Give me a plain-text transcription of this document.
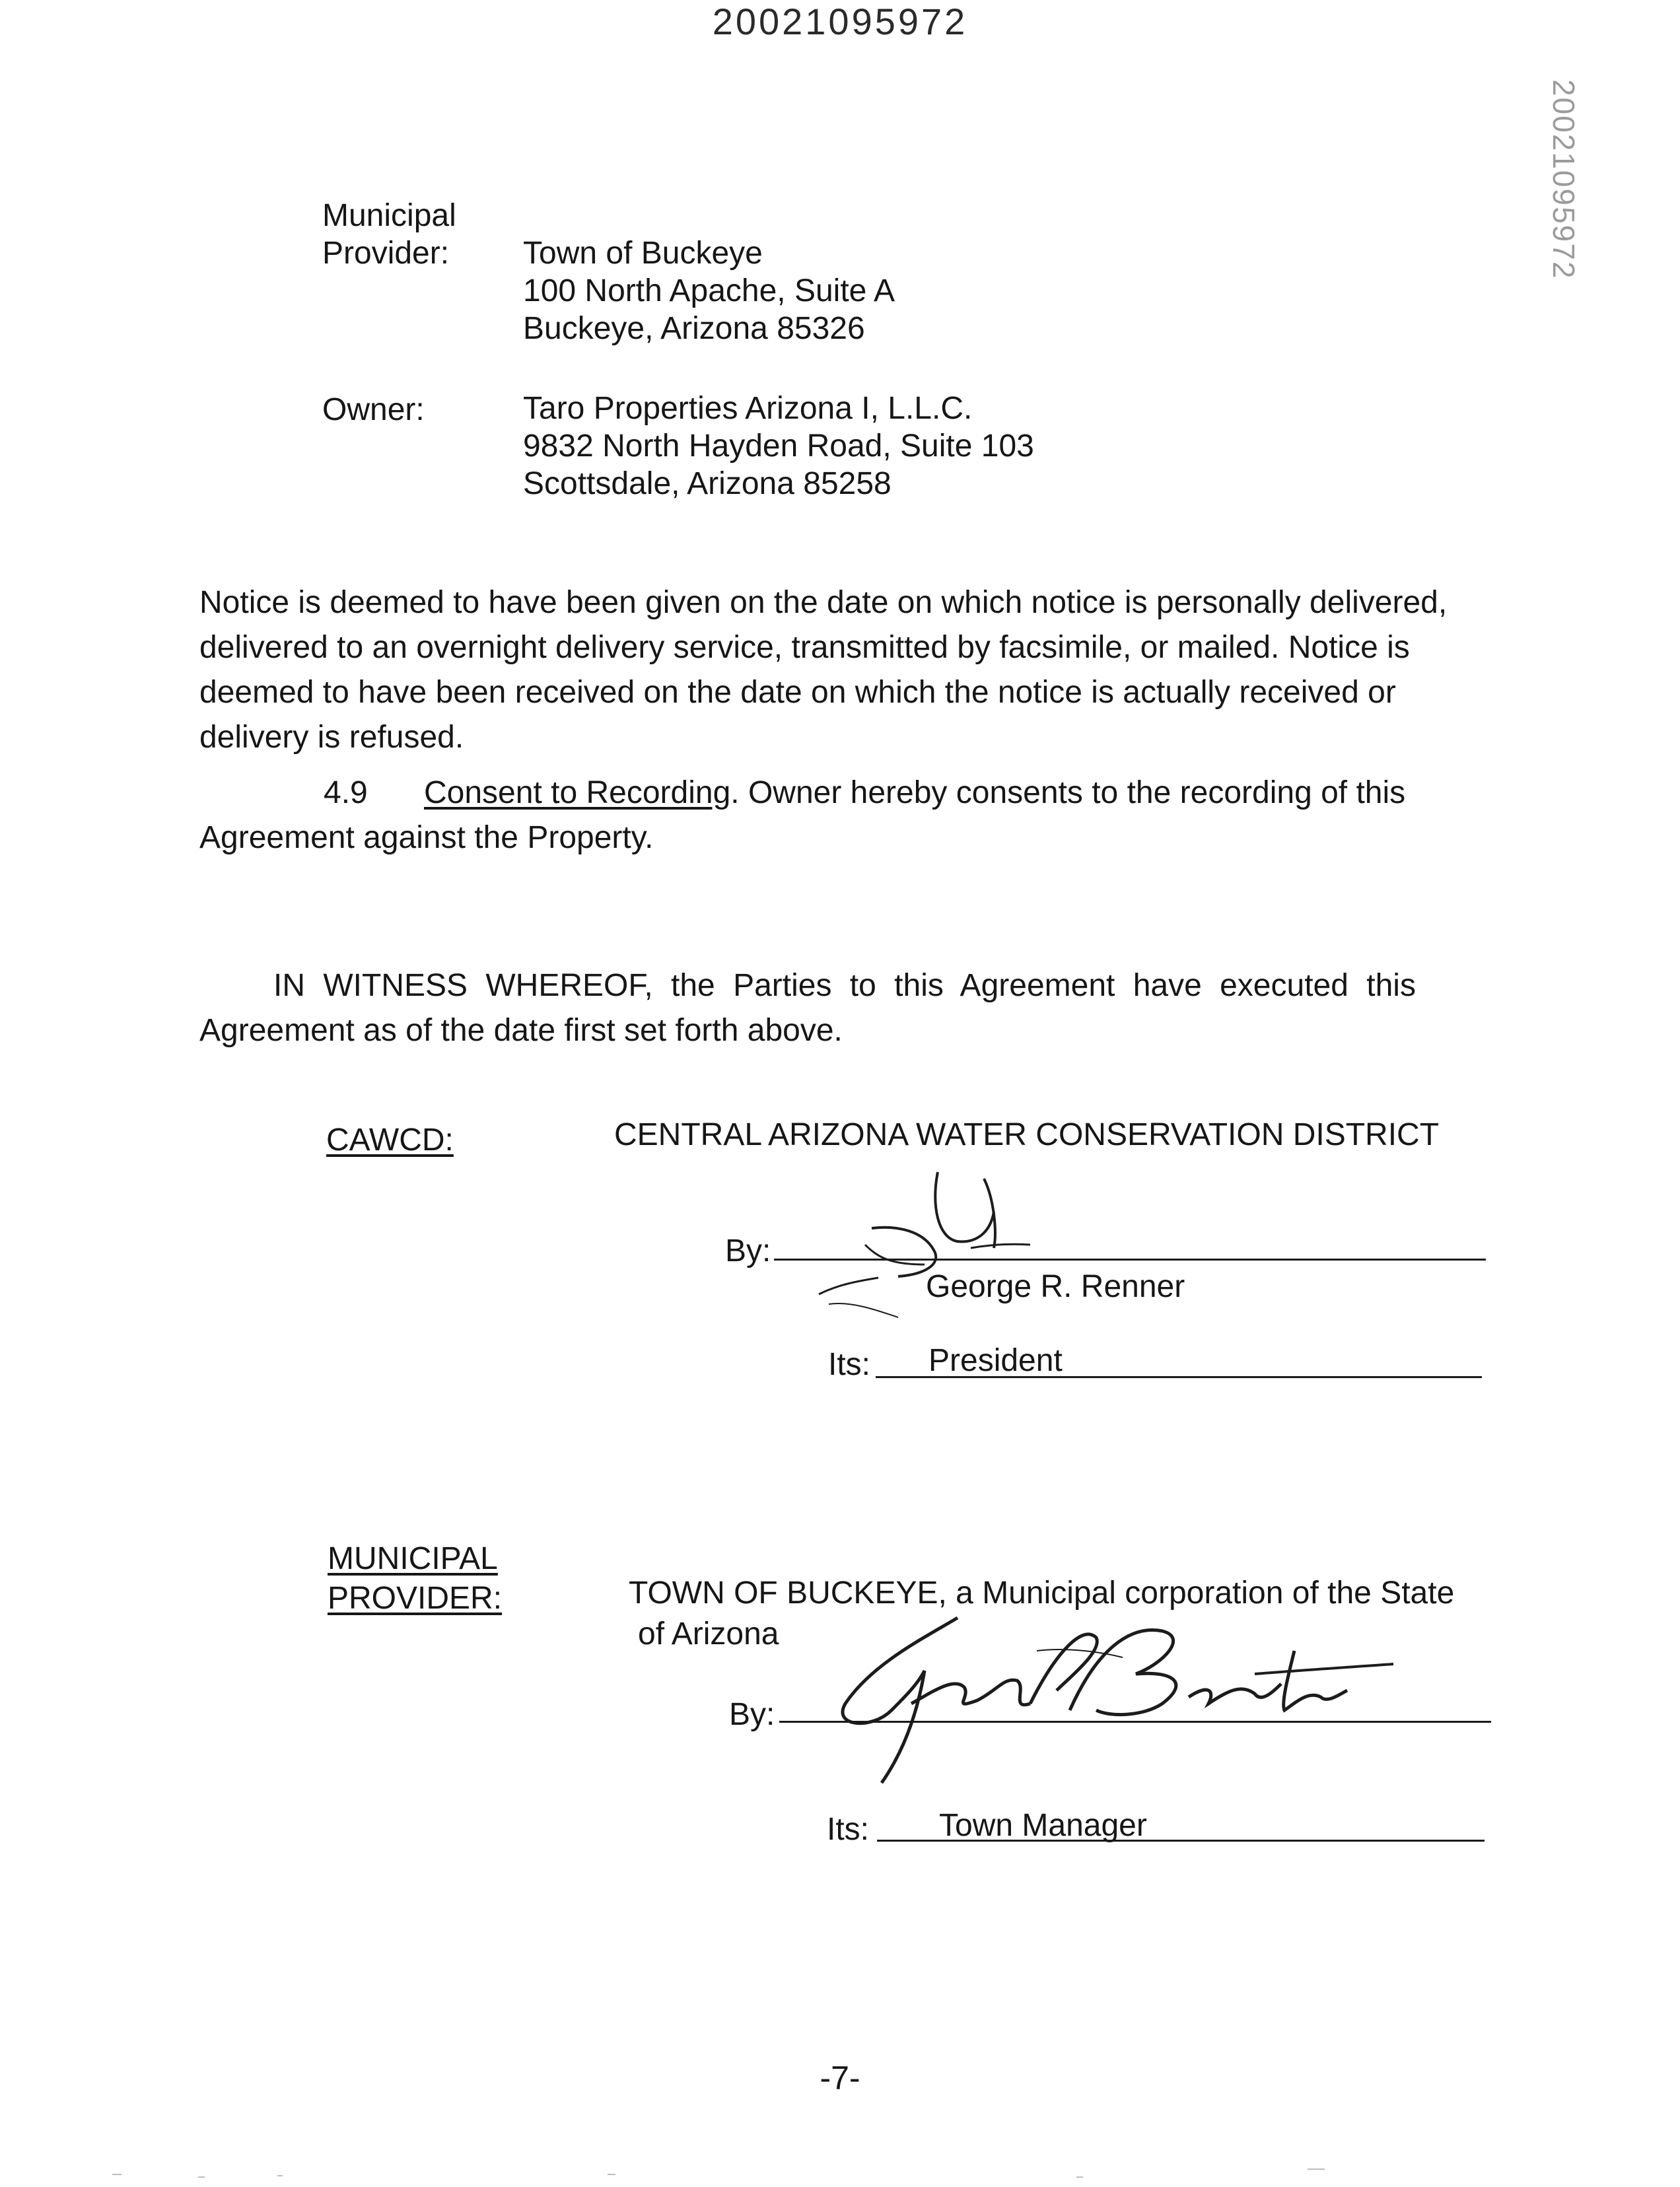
20021095972
20021095972
Municipal
Provider: Town of Buckeye
100 North Apache, Suite A
Buckeye, Arizona 85326
Owner:	Taro Properties Arizona I, L.L.C.
9832 North Hayden Road, Suite 103
Scottsdale, Arizona 85258
Notice is deemed to have been given on the date on which notice is personally delivered,
delivered to an overnight delivery service, transmitted by facsimile, or mailed. Notice is
deemed to have been received on the date on which the notice is actually received or
delivery is refused.
4.9 Consent to Recording. Owner hereby consents to the recording of this
Agreement against the Property.
IN WITNESS WHEREOF, the Parties to this Agreement have executed this
Agreement as of the date first set forth above.
CAWCD:	CENTRAL ARIZONA WATER CONSERVATION DISTRICT
By:
George R. Renner
Its: President
MUNICIPAL
PROVIDER:	TOWN OF BUCKEYE, a Municipal corporation of the State
of Arizona
By:
Its: Town Manager
-7-
